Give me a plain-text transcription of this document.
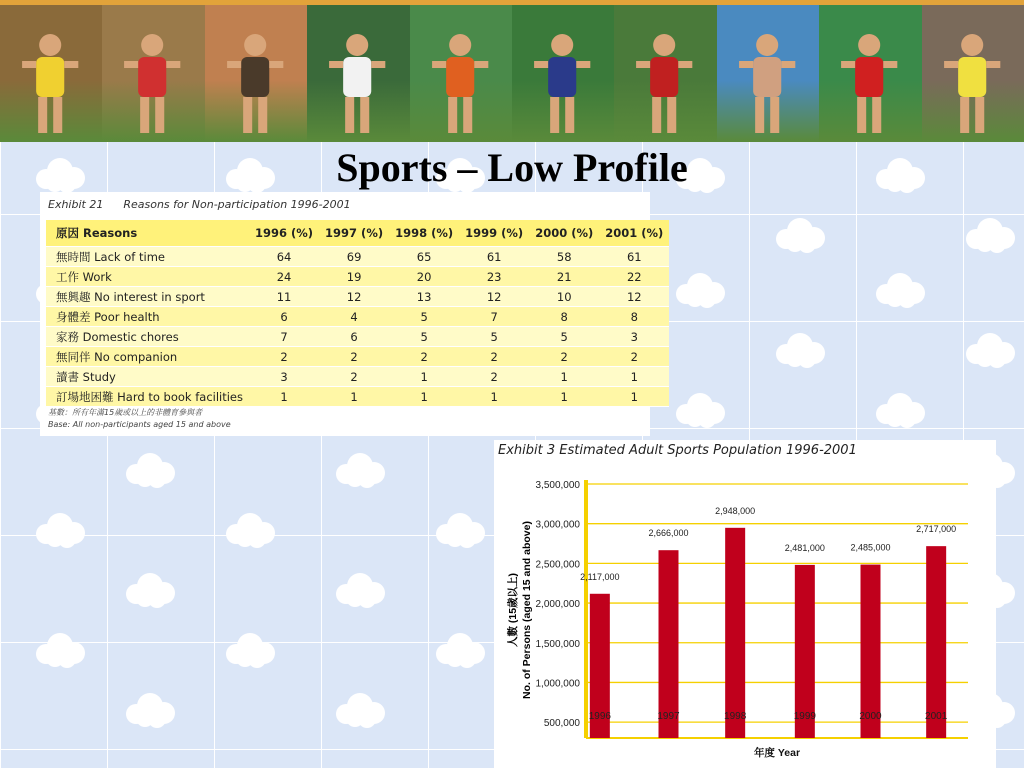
Sports – Low Profile
Exhibit 21 Reasons for Non-participation 1996-2001
原因 Reasons		1996 (%)	1997 (%)	1998 (%)	1999 (%)	2000 (%)	2001 (%)
無時間 Lack of time		64	69	65	61	58	61
工作 Work		24	19	20	23	21	22
無興趣 No interest in sport		11	12	13	12	10	12
身體差 Poor health		6	4	5	7	8	8
家務 Domestic chores		7	6	5	5	5	3
無同伴 No companion		2	2	2	2	2	2
讀書 Study		3	2	1	2	1	1
訂場地困難 Hard to book facilities		1	1	1	1	1	1
基數：所有年滿15歲或以上的非體育參與者
Base: All non-participants aged 15 and above
Exhibit 3 Estimated Adult Sports Population 1996-2001
500,000
1,000,000
1,500,000
2,000,000
2,500,000
3,000,000
3,500,000
2,117,000
1996
2,666,000
1997
2,948,000
1998
2,481,000
1999
2,485,000
2000
2,717,000
2001
年度 Year
人數 (15歲以上) No. of Persons (aged 15 and above)
